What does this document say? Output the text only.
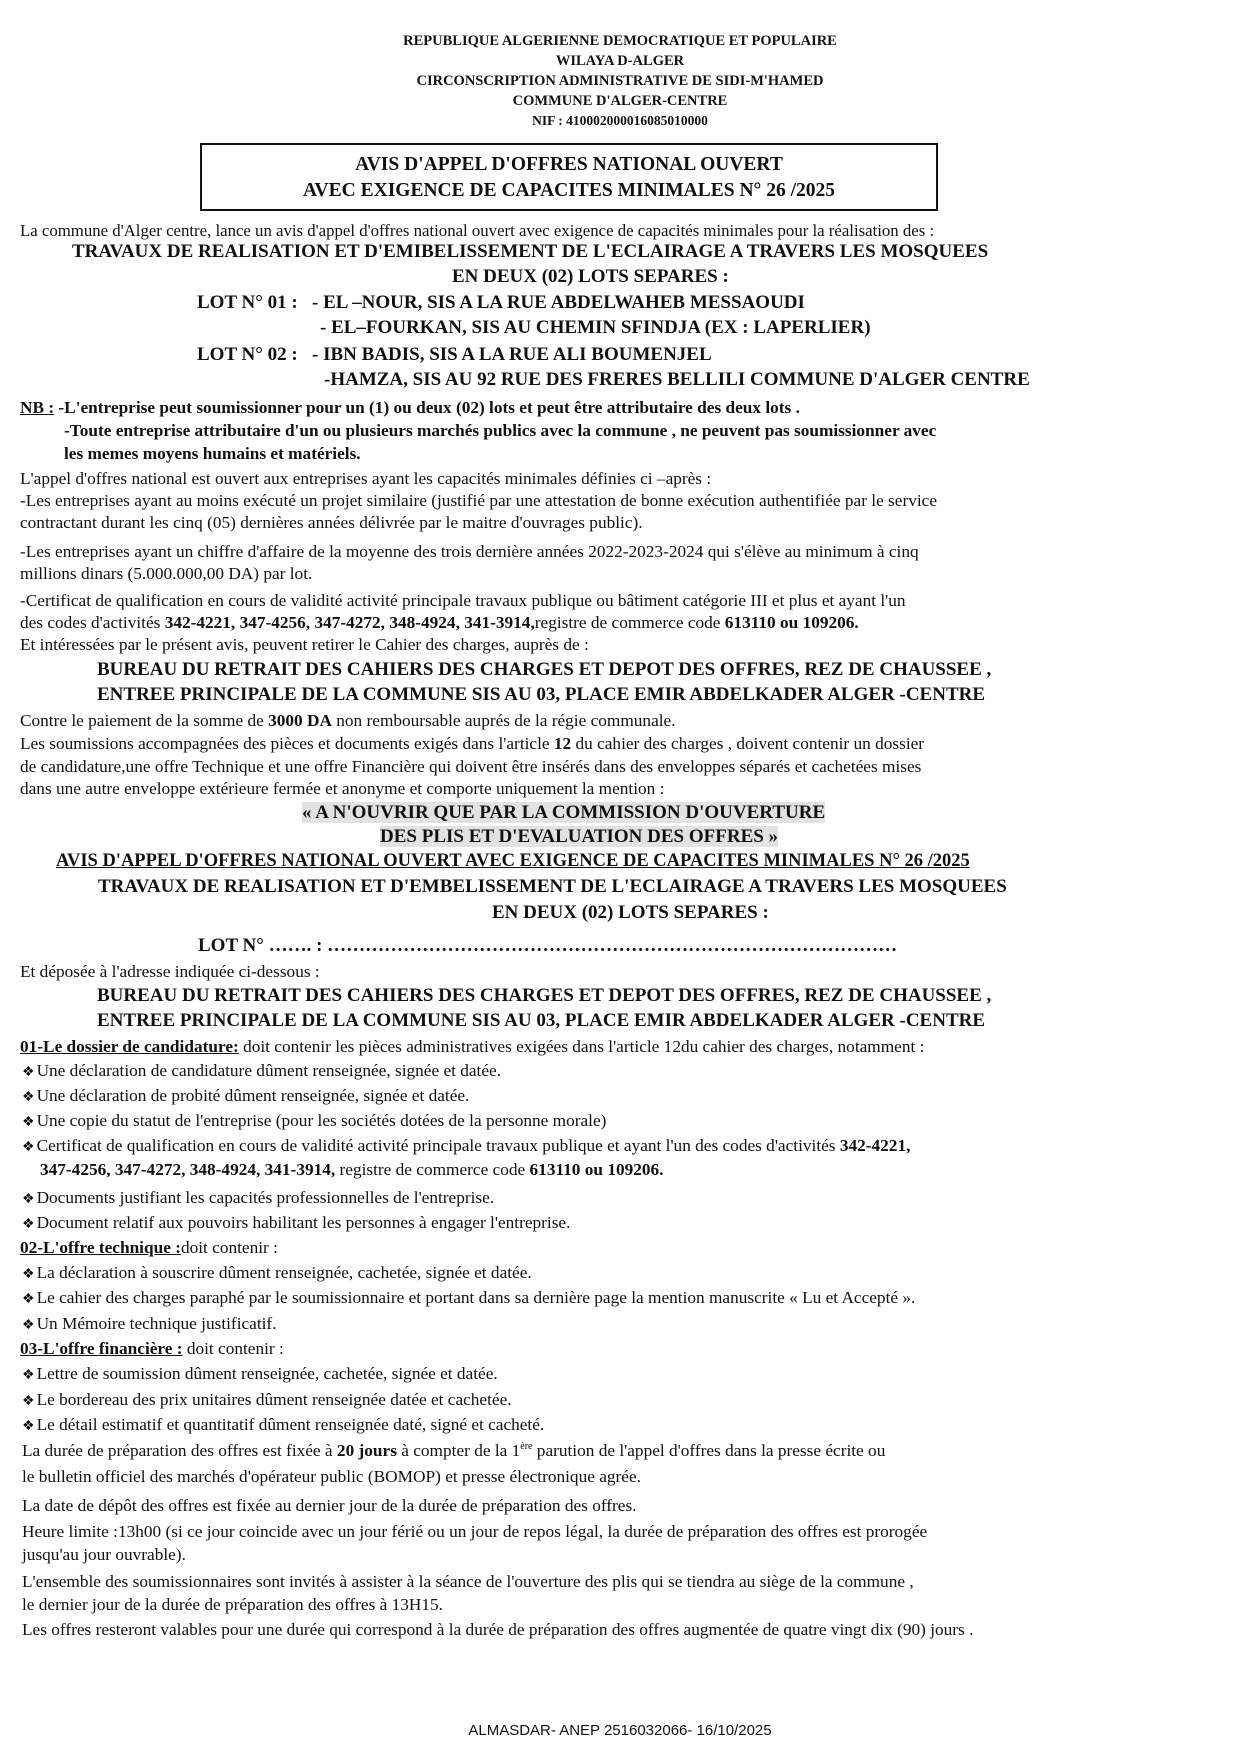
REPUBLIQUE ALGERIENNE DEMOCRATIQUE ET POPULAIRE
WILAYA D-ALGER
CIRCONSCRIPTION ADMINISTRATIVE DE SIDI-M'HAMED
COMMUNE D'ALGER-CENTRE
NIF : 410002000016085010000
AVIS D'APPEL D'OFFRES NATIONAL OUVERT
AVEC EXIGENCE DE CAPACITES MINIMALES N° 26 /2025
La commune d'Alger centre, lance un avis d'appel d'offres national ouvert avec exigence de capacités minimales pour la réalisation des :
TRAVAUX DE REALISATION ET D'EMIBELISSEMENT DE L'ECLAIRAGE A TRAVERS LES MOSQUEES
EN DEUX (02) LOTS SEPARES :
LOT N° 01 : - EL –NOUR, SIS A LA RUE ABDELWAHEB MESSAOUDI
- EL–FOURKAN, SIS AU CHEMIN SFINDJA (EX : LAPERLIER)
LOT N° 02 : - IBN BADIS, SIS A LA RUE ALI BOUMENJEL
-HAMZA, SIS AU 92 RUE DES FRERES BELLILI COMMUNE D'ALGER CENTRE
NB : -L'entreprise peut soumissionner pour un (1) ou deux (02) lots et peut être attributaire des deux lots .
-Toute entreprise attributaire d'un ou plusieurs marchés publics avec la commune , ne peuvent pas soumissionner avec
les memes moyens humains et matériels.
L'appel d'offres national est ouvert aux entreprises ayant les capacités minimales définies ci –après :
-Les entreprises ayant au moins exécuté un projet similaire (justifié par une attestation de bonne exécution authentifiée par le service
contractant durant les cinq (05) dernières années délivrée par le maitre d'ouvrages public).
-Les entreprises ayant un chiffre d'affaire de la moyenne des trois dernière années 2022-2023-2024 qui s'élève au minimum à cinq
millions dinars (5.000.000,00 DA) par lot.
-Certificat de qualification en cours de validité activité principale travaux publique ou bâtiment catégorie III et plus et ayant l'un
des codes d'activités 342-4221, 347-4256, 347-4272, 348-4924, 341-3914,registre de commerce code 613110 ou 109206.
Et intéressées par le présent avis, peuvent retirer le Cahier des charges, auprès de :
BUREAU DU RETRAIT DES CAHIERS DES CHARGES ET DEPOT DES OFFRES, REZ DE CHAUSSEE ,
ENTREE PRINCIPALE DE LA COMMUNE SIS AU 03, PLACE EMIR ABDELKADER ALGER -CENTRE
Contre le paiement de la somme de 3000 DA non remboursable auprés de la régie communale.
Les soumissions accompagnées des pièces et documents exigés dans l'article 12 du cahier des charges , doivent contenir un dossier
de candidature,une offre Technique et une offre Financière qui doivent être insérés dans des enveloppes séparés et cachetées mises
dans une autre enveloppe extérieure fermée et anonyme et comporte uniquement la mention :
« A N'OUVRIR QUE PAR LA COMMISSION D'OUVERTURE
DES PLIS ET D'EVALUATION DES OFFRES »
AVIS D'APPEL D'OFFRES NATIONAL OUVERT AVEC EXIGENCE DE CAPACITES MINIMALES N° 26 /2025
TRAVAUX DE REALISATION ET D'EMBELISSEMENT DE L'ECLAIRAGE A TRAVERS LES MOSQUEES
EN DEUX (02) LOTS SEPARES :
LOT N° ……. : ………………………………………………………………………………
Et déposée à l'adresse indiquée ci-dessous :
BUREAU DU RETRAIT DES CAHIERS DES CHARGES ET DEPOT DES OFFRES, REZ DE CHAUSSEE ,
ENTREE PRINCIPALE DE LA COMMUNE SIS AU 03, PLACE EMIR ABDELKADER ALGER -CENTRE
01-Le dossier de candidature: doit contenir les pièces administratives exigées dans l'article 12du cahier des charges, notamment :
❖ Une déclaration de candidature dûment renseignée, signée et datée.
❖ Une déclaration de probité dûment renseignée, signée et datée.
❖ Une copie du statut de l'entreprise (pour les sociétés dotées de la personne morale)
❖ Certificat de qualification en cours de validité activité principale travaux publique et ayant l'un des codes d'activités 342-4221,
347-4256, 347-4272, 348-4924, 341-3914, registre de commerce code 613110 ou 109206.
❖ Documents justifiant les capacités professionnelles de l'entreprise.
❖ Document relatif aux pouvoirs habilitant les personnes à engager l'entreprise.
02-L'offre technique :doit contenir :
❖ La déclaration à souscrire dûment renseignée, cachetée, signée et datée.
❖ Le cahier des charges paraphé par le soumissionnaire et portant dans sa dernière page la mention manuscrite « Lu et Accepté ».
❖ Un Mémoire technique justificatif.
03-L'offre financière : doit contenir :
❖ Lettre de soumission dûment renseignée, cachetée, signée et datée.
❖ Le bordereau des prix unitaires dûment renseignée datée et cachetée.
❖ Le détail estimatif et quantitatif dûment renseignée daté, signé et cacheté.
La durée de préparation des offres est fixée à 20 jours à compter de la 1ère parution de l'appel d'offres dans la presse écrite ou
le bulletin officiel des marchés d'opérateur public (BOMOP) et presse électronique agrée.
La date de dépôt des offres est fixée au dernier jour de la durée de préparation des offres.
Heure limite :13h00 (si ce jour coincide avec un jour férié ou un jour de repos légal, la durée de préparation des offres est prorogée
jusqu'au jour ouvrable).
L'ensemble des soumissionnaires sont invités à assister à la séance de l'ouverture des plis qui se tiendra au siège de la commune ,
le dernier jour de la durée de préparation des offres à 13H15.
Les offres resteront valables pour une durée qui correspond à la durée de préparation des offres augmentée de quatre vingt dix (90) jours .
ALMASDAR- ANEP 2516032066- 16/10/2025
